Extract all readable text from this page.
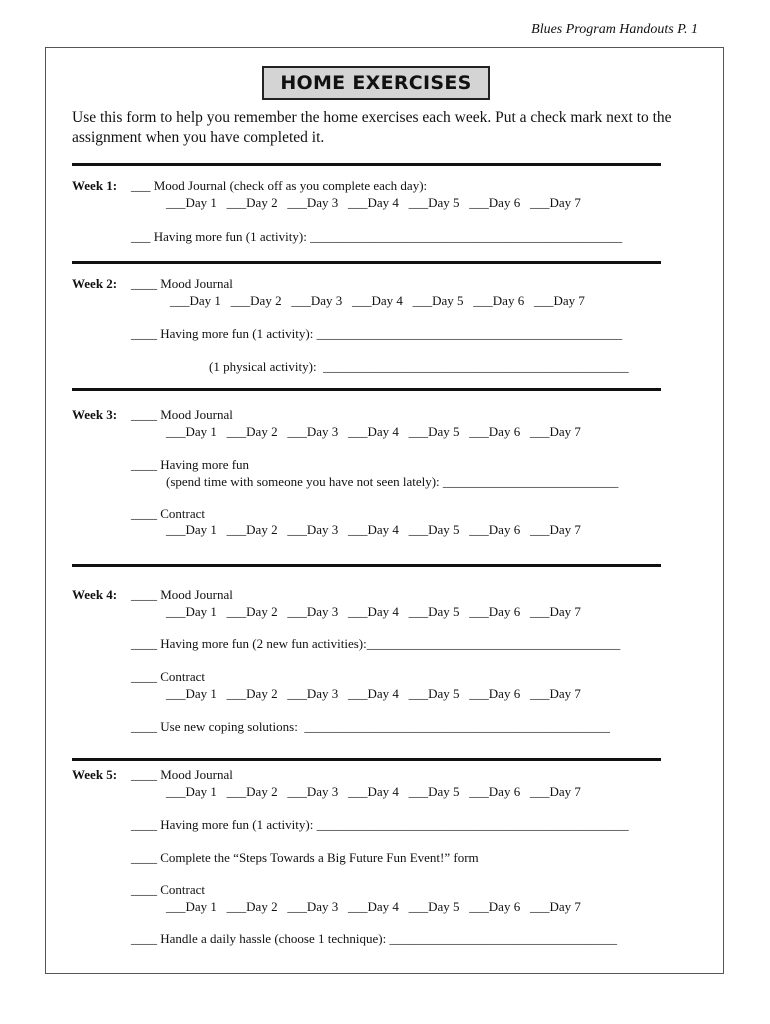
Blues Program Handouts P. 1
HOME EXERCISES
Use this form to help you remember the home exercises each week. Put a check mark next to the assignment when you have completed it.
Week 1: ___ Mood Journal (check off as you complete each day):
___Day 1   ___Day 2   ___Day 3   ___Day 4   ___Day 5   ___Day 6   ___Day 7
___ Having more fun (1 activity): ________________________________________________
Week 2: ____ Mood Journal
___Day 1   ___Day 2   ___Day 3   ___Day 4   ___Day 5   ___Day 6   ___Day 7
____ Having more fun (1 activity): _______________________________________________
(1 physical activity):  _______________________________________________
Week 3: ____ Mood Journal
___Day 1   ___Day 2   ___Day 3   ___Day 4   ___Day 5   ___Day 6   ___Day 7
____ Having more fun
(spend time with someone you have not seen lately): ___________________________
____ Contract
___Day 1   ___Day 2   ___Day 3   ___Day 4   ___Day 5   ___Day 6   ___Day 7
Week 4: ____ Mood Journal
___Day 1   ___Day 2   ___Day 3   ___Day 4   ___Day 5   ___Day 6   ___Day 7
____ Having more fun (2 new fun activities):_______________________________________
____ Contract
___Day 1   ___Day 2   ___Day 3   ___Day 4   ___Day 5   ___Day 6   ___Day 7
____ Use new coping solutions:  _______________________________________________
Week 5: ____ Mood Journal
___Day 1   ___Day 2   ___Day 3   ___Day 4   ___Day 5   ___Day 6   ___Day 7
____ Having more fun (1 activity): ________________________________________________
____ Complete the “Steps Towards a Big Future Fun Event!” form
____ Contract
___Day 1   ___Day 2   ___Day 3   ___Day 4   ___Day 5   ___Day 6   ___Day 7
____ Handle a daily hassle (choose 1 technique): ___________________________________
